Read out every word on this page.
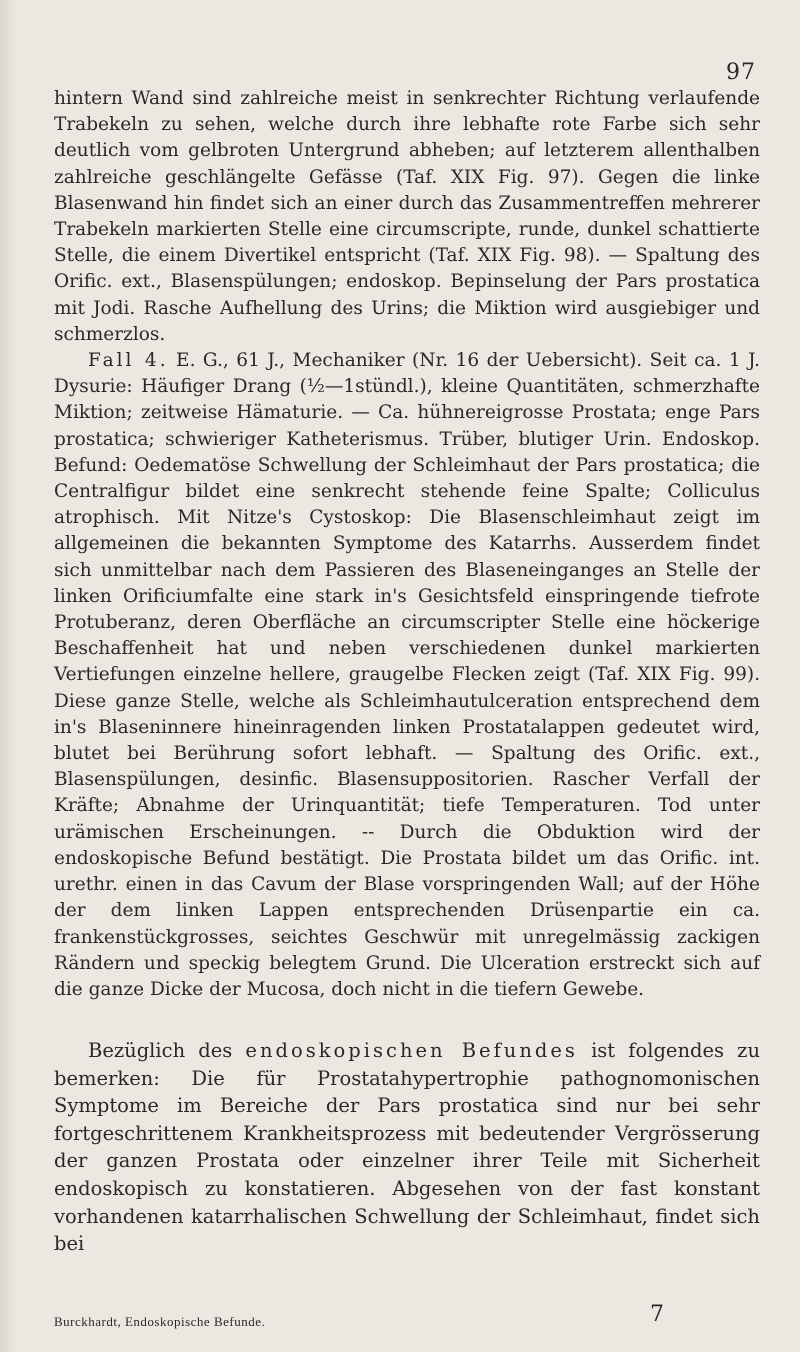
97

hintern Wand sind zahlreiche meist in senkrechter Richtung verlaufende Trabekeln zu sehen, welche durch ihre lebhafte rote Farbe sich sehr deutlich vom gelbroten Untergrund abheben; auf letzterem allenthalben zahlreiche geschlängelte Gefässe (Taf. XIX Fig. 97). Gegen die linke Blasenwand hin findet sich an einer durch das Zusammentreffen mehrerer Trabekeln markierten Stelle eine circumscripte, runde, dunkel schattierte Stelle, die einem Divertikel entspricht (Taf. XIX Fig. 98). — Spaltung des Orific. ext., Blasenspülungen; endoskop. Bepinselung der Pars prostatica mit Jodi. Rasche Aufhellung des Urins; die Miktion wird ausgiebiger und schmerzlos.

Fall 4. E. G., 61 J., Mechaniker (Nr. 16 der Uebersicht). Seit ca. 1 J. Dysurie: Häufiger Drang (½—1stündl.), kleine Quantitäten, schmerzhafte Miktion; zeitweise Hämaturie. — Ca. hühnereigrosse Prostata; enge Pars prostatica; schwieriger Katheterismus. Trüber, blutiger Urin. Endoskop. Befund: Oedematöse Schwellung der Schleimhaut der Pars prostatica; die Centralfigur bildet eine senkrecht stehende feine Spalte; Colliculus atrophisch. Mit Nitze's Cystoskop: Die Blasenschleimhaut zeigt im allgemeinen die bekannten Symptome des Katarrhs. Ausserdem findet sich unmittelbar nach dem Passieren des Blaseneinganges an Stelle der linken Orificiumfalte eine stark in's Gesichtsfeld einspringende tiefrote Protuberanz, deren Oberfläche an circumscripter Stelle eine höckerige Beschaffenheit hat und neben verschiedenen dunkel markierten Vertiefungen einzelne hellere, graugelbe Flecken zeigt (Taf. XIX Fig. 99). Diese ganze Stelle, welche als Schleimhautulceration entsprechend dem in's Blaseninnere hineinragenden linken Prostatalappen gedeutet wird, blutet bei Berührung sofort lebhaft. — Spaltung des Orific. ext., Blasenspülungen, desinfic. Blasensuppositorien. Rascher Verfall der Kräfte; Abnahme der Urinquantität; tiefe Temperaturen. Tod unter urämischen Erscheinungen. -- Durch die Obduktion wird der endoskopische Befund bestätigt. Die Prostata bildet um das Orific. int. urethr. einen in das Cavum der Blase vorspringenden Wall; auf der Höhe der dem linken Lappen entsprechenden Drüsenpartie ein ca. frankenstückgrosses, seichtes Geschwür mit unregelmässig zackigen Rändern und speckig belegtem Grund. Die Ulceration erstreckt sich auf die ganze Dicke der Mucosa, doch nicht in die tiefern Gewebe.

Bezüglich des endoskopischen Befundes ist folgendes zu bemerken: Die für Prostatahypertrophie pathognomonischen Symptome im Bereiche der Pars prostatica sind nur bei sehr fortgeschrittenem Krankheitsprozess mit bedeutender Vergrösserung der ganzen Prostata oder einzelner ihrer Teile mit Sicherheit endoskopisch zu konstatieren. Abgesehen von der fast konstant vorhandenen katarrhalischen Schwellung der Schleimhaut, findet sich bei

Burckhardt, Endoskopische Befunde.	7
